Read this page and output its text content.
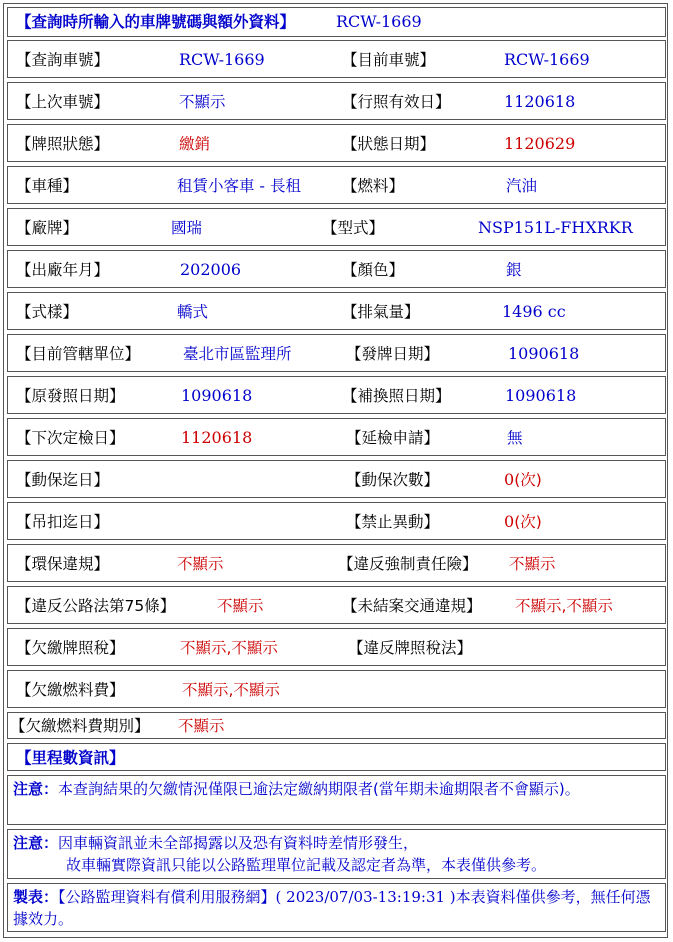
【查詢時所輸入的車牌號碼與額外資料】	RCW-1669
【查詢車號】	RCW-1669	【目前車號】	RCW-1669
【上次車號】	不顯示	【行照有效日】	1120618
【牌照狀態】	繳銷	【狀態日期】	1120629
【車種】	租賃小客車 - 長租	【燃料】	汽油
【廠牌】	國瑞	【型式】	NSP151L-FHXRKR
【出廠年月】	202006	【顏色】	銀
【式樣】	轎式	【排氣量】	1496 cc
【目前管轄單位】	臺北市區監理所	【發牌日期】	1090618
【原發照日期】	1090618	【補換照日期】	1090618
【下次定檢日】	1120618	【延檢申請】	無
【動保迄日】	【動保次數】	0(次)
【吊扣迄日】	【禁止異動】	0(次)
【環保違規】	不顯示	【違反強制責任險】 不顯示
【違反公路法第75條】	不顯示	【未結案交通違規】 不顯示,不顯示
【欠繳牌照稅】	不顯示,不顯示	【違反牌照稅法】
【欠繳燃料費】	不顯示,不顯示
【欠繳燃料費期別】 不顯示
【里程數資訊】
注意：本查詢結果的欠繳情況僅限已逾法定繳納期限者(當年期未逾期限者不會顯示)。
注意：因車輛資訊並未全部揭露以及恐有資料時差情形發生，
故車輛實際資訊只能以公路監理單位記載及認定者為準，本表僅供參考。
製表：【公路監理資料有償利用服務網】( 2023/07/03-13:19:31 )本表資料僅供參考，無任何憑據效力。
